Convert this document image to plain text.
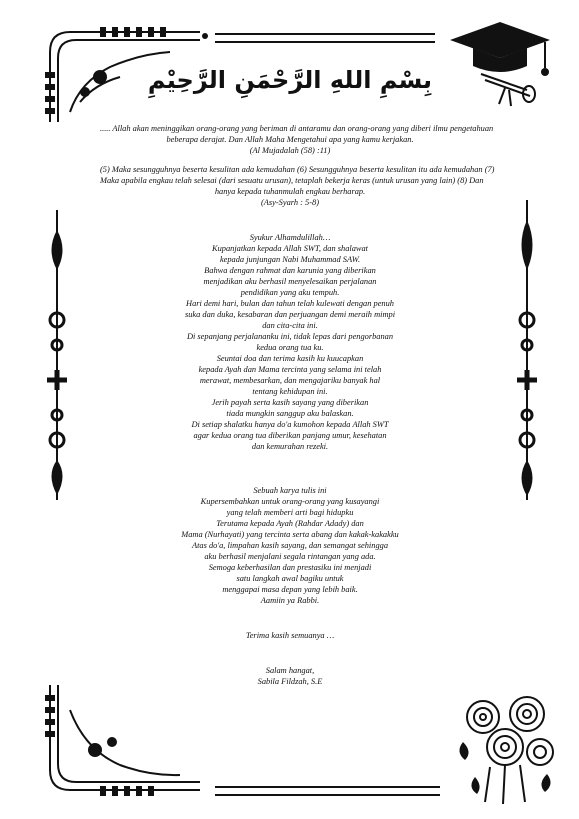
بِسْمِ اللهِ الرَّحْمَنِ الرَّحِيْمِ
..... Allah akan meninggikan orang-orang yang beriman di antaramu dan orang-orang yang diberi ilmu pengetahuan
beberapa derajat. Dan Allah Maha Mengetahui apa yang kamu kerjakan.
(Al Mujadalah (58) :11)
(5) Maka sesungguhnya beserta kesulitan ada kemudahan (6) Sesungguhnya beserta kesulitan itu ada kemudahan (7)
Maka apabila engkau telah selesai (dari sesuatu urusan), tetaplah bekerja keras (untuk urusan yang lain) (8) Dan
hanya kepada tuhanmulah engkau berharap.
(Asy-Syarh : 5-8)
Syukur Alhamdulillah…
Kupanjatkan kepada Allah SWT, dan shalawat
kepada junjungan Nabi Muhammad SAW.
Bahwa dengan rahmat dan karunia yang diberikan
menjadikan aku berhasil menyelesaikan perjalanan
pendidikan yang aku tempuh.
Hari demi hari, bulan dan tahun telah kulewati dengan penuh
suka dan duka, kesabaran dan perjuangan demi meraih mimpi
dan cita-cita ini.
Di sepanjang perjalananku ini, tidak lepas dari pengorbanan
kedua orang tua ku.
Seuntai doa dan terima kasih ku kuucapkan
kepada Ayah dan Mama tercinta yang selama ini telah
merawat, membesarkan, dan mengajariku banyak hal
tentang kehidupan ini.
Jerih payah serta kasih sayang yang diberikan
tiada mungkin sanggup aku balaskan.
Di setiap shalatku hanya do'a kumohon kepada Allah SWT
agar kedua orang tua diberikan panjang umur, kesehatan
dan kemurahan rezeki.
Sebuah karya tulis ini
Kupersembahkan untuk orang-orang yang kusayangi
yang telah memberi arti bagi hidupku
Terutama kepada Ayah (Rahdar Adady) dan
Mama (Nurhayati) yang tercinta serta abang dan kakak-kakakku
Atas do'a, limpahan kasih sayang, dan semangat sehingga
aku berhasil menjalani segala rintangan yang ada.
Semoga keberhasilan dan prestasiku ini menjadi
satu langkah awal bagiku untuk
menggapai masa depan yang lebih baik.
Aamiin ya Rabbi.
Terima kasih semuanya …
Salam hangat,
Sabila Fildzah, S.E
